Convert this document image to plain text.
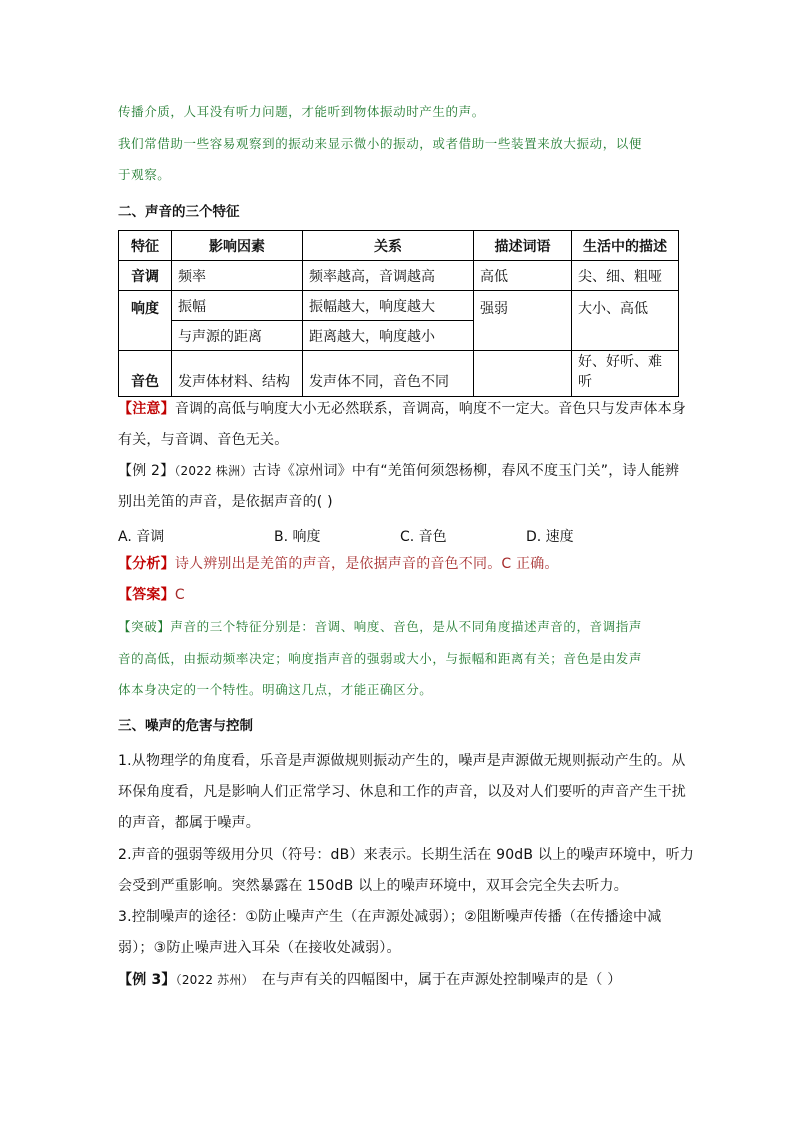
传播介质，人耳没有听力问题，才能听到物体振动时产生的声。
我们常借助一些容易观察到的振动来显示微小的振动，或者借助一些装置来放大振动，以便
于观察。
二、声音的三个特征
特征	影响因素	关系	描述词语	生活中的描述
音调	频率	频率越高，音调越高	高低	尖、细、粗哑
响度	振幅	振幅越大，响度越大	强弱	大小、高低
	与声源的距离	距离越大，响度越小		
音色	发声体材料、结构	发声体不同，音色不同		好、好听、难听
【注意】音调的高低与响度大小无必然联系，音调高，响度不一定大。音色只与发声体本身
有关，与音调、音色无关。
【例 2】（2022 株洲）古诗《凉州词》中有“羌笛何须怨杨柳，春风不度玉门关”，诗人能辨
别出羌笛的声音，是依据声音的( )
A. 音调	B. 响度	C. 音色	D. 速度
【分析】诗人辨别出是羌笛的声音，是依据声音的音色不同。C 正确。
【答案】C
【突破】声音的三个特征分别是：音调、响度、音色，是从不同角度描述声音的，音调指声
音的高低，由振动频率决定；响度指声音的强弱或大小，与振幅和距离有关；音色是由发声
体本身决定的一个特性。明确这几点，才能正确区分。
三、噪声的危害与控制
1.从物理学的角度看，乐音是声源做规则振动产生的，噪声是声源做无规则振动产生的。从
环保角度看，凡是影响人们正常学习、休息和工作的声音，以及对人们要听的声音产生干扰
的声音，都属于噪声。
2.声音的强弱等级用分贝（符号：dB）来表示。长期生活在 90dB 以上的噪声环境中，听力
会受到严重影响。突然暴露在 150dB 以上的噪声环境中，双耳会完全失去听力。
3.控制噪声的途径：①防止噪声产生（在声源处减弱）；②阻断噪声传播（在传播途中减
弱）；③防止噪声进入耳朵（在接收处减弱）。
【例 3】（2022 苏州） 在与声有关的四幅图中，属于在声源处控制噪声的是（ ）
